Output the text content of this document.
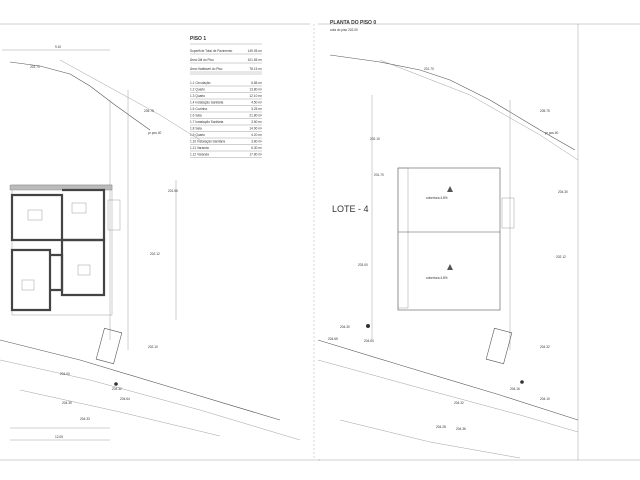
9.10
201.70
205.75
pr pos 40
201.56
202.12
202.10
204.00
204.32
204.64
204.30
204.33
12.05
PISO 1
Superfície Total de Pavimento	149.05 m²
Área Útil do Piso	101.55 m²
Área Habitável do Piso	78.15 m²
1.1 Circulação	6.85 m²
1.2 Quarto	13.80 m²
1.3 Quarto	12.10 m²
1.4 Instalação Sanitária	4.50 m²
1.5 Cozinha	3.25 m²
1.6 Sala	21.80 m²
1.7 Instalação Sanitária	3.50 m²
1.8 Sala	14.90 m²
1.9 Quarto	4.20 m²
1.10 Instalação Sanitária	3.80 m²
1.11 Varanda	6.30 m²
1.12 Varanda	17.80 m²
PLANTA DO PISO 0
cota do piso 202.00
cobertura 4.8%
cobertura 4.8%
LOTE - 4
201.70
205.75
pr pos 40
202.10
201.70
202.12
203.00
204.30
204.32
204.65	204.64
204.30
204.16
204.10
204.32
204.28	204.36
